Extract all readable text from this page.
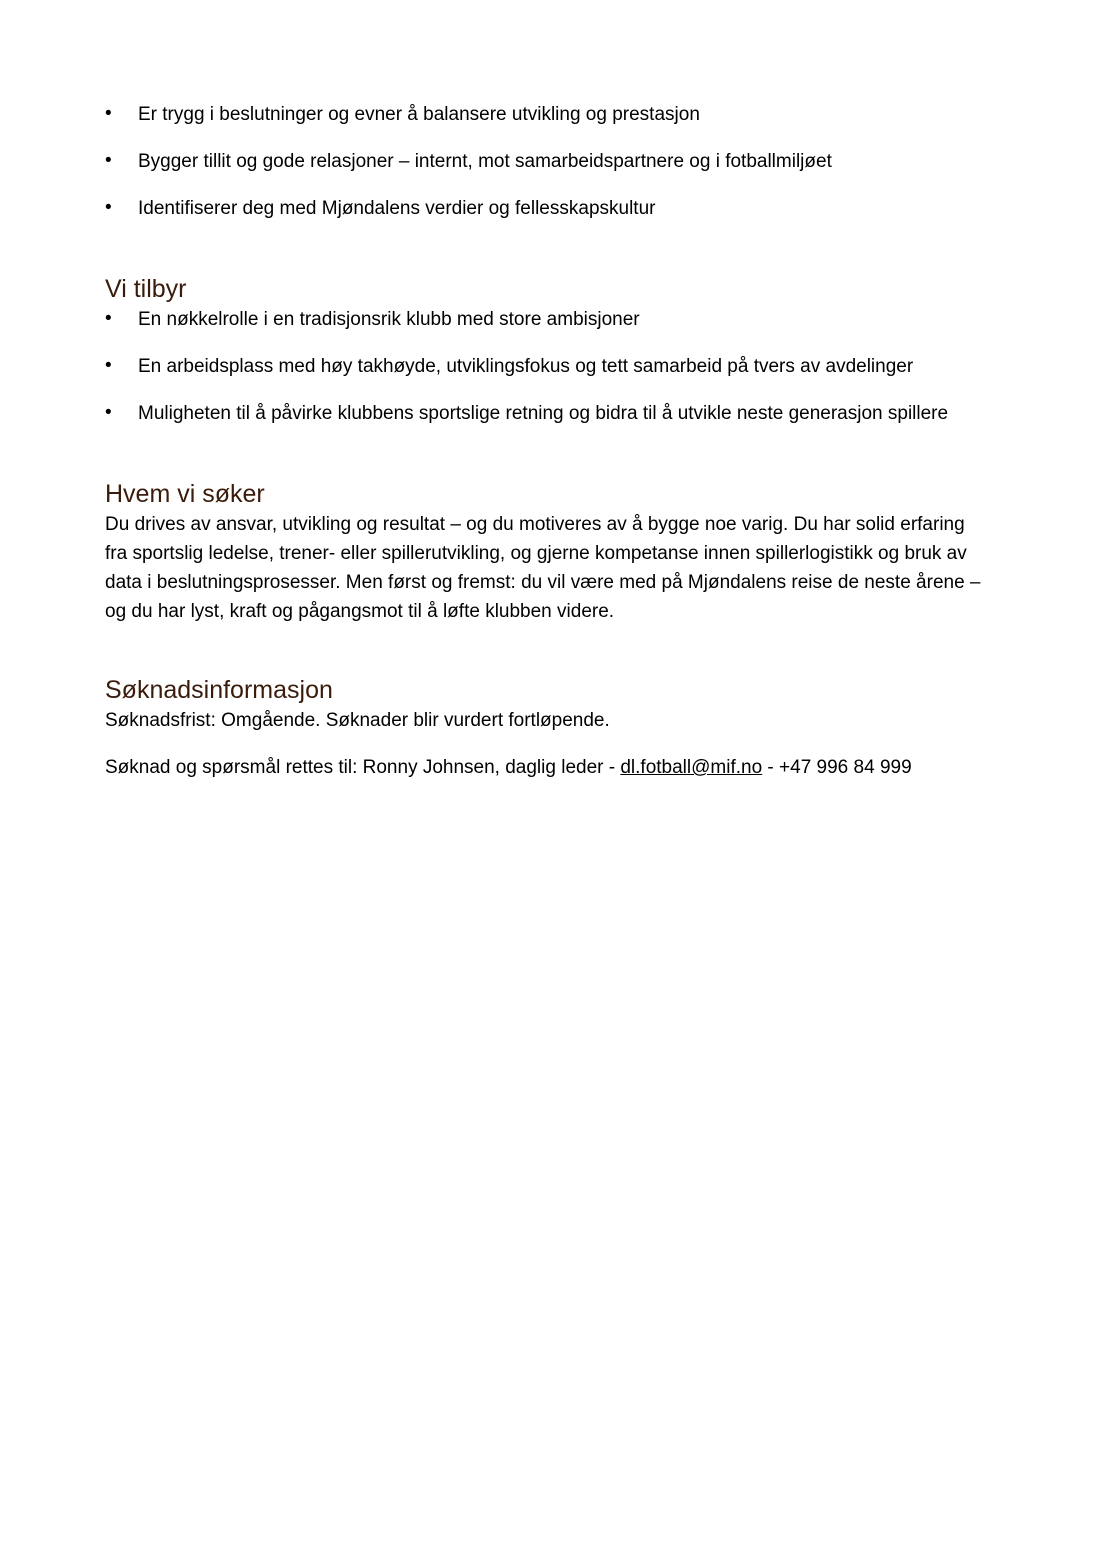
• Er trygg i beslutninger og evner å balansere utvikling og prestasjon
• Bygger tillit og gode relasjoner – internt, mot samarbeidspartnere og i fotballmiljøet
• Identifiserer deg med Mjøndalens verdier og fellesskapskultur
Vi tilbyr
• En nøkkelrolle i en tradisjonsrik klubb med store ambisjoner
• En arbeidsplass med høy takhøyde, utviklingsfokus og tett samarbeid på tvers av avdelinger
• Muligheten til å påvirke klubbens sportslige retning og bidra til å utvikle neste generasjon spillere
Hvem vi søker

Du drives av ansvar, utvikling og resultat – og du motiveres av å bygge noe varig. Du har solid erfaring fra sportslig ledelse, trener- eller spillerutvikling, og gjerne kompetanse innen spillerlogistikk og bruk av data i beslutningsprosesser. Men først og fremst: du vil være med på Mjøndalens reise de neste årene – og du har lyst, kraft og pågangsmot til å løfte klubben videre.

Søknadsinformasjon

Søknadsfrist: Omgående. Søknader blir vurdert fortløpende.

Søknad og spørsmål rettes til: Ronny Johnsen, daglig leder - dl.fotball@mif.no - +47 996 84 999
